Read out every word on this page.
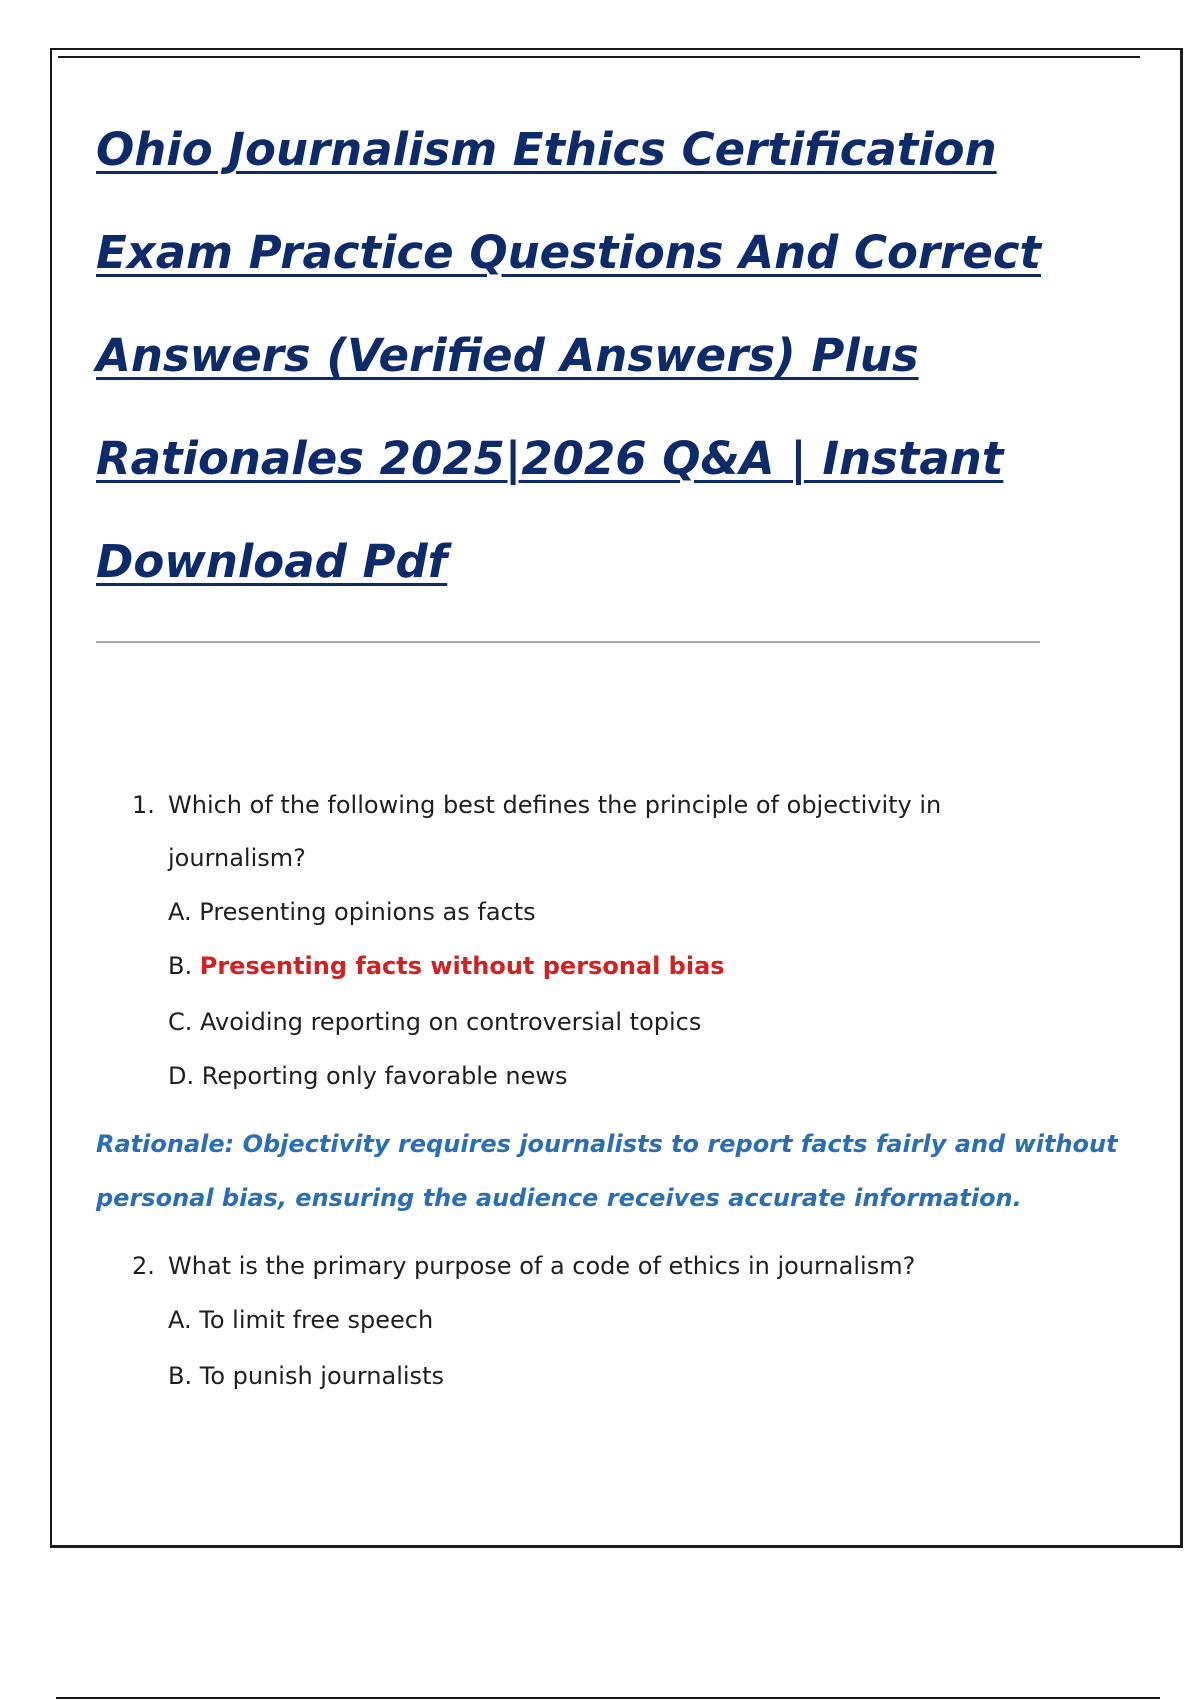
Ohio Journalism Ethics Certification
Exam Practice Questions And Correct
Answers (Verified Answers) Plus
Rationales 2025|2026 Q&A | Instant
Download Pdf
1. Which of the following best defines the principle of objectivity in
journalism?
A. Presenting opinions as facts
B. Presenting facts without personal bias
C. Avoiding reporting on controversial topics
D. Reporting only favorable news
Rationale: Objectivity requires journalists to report facts fairly and without
personal bias, ensuring the audience receives accurate information.
2. What is the primary purpose of a code of ethics in journalism?
A. To limit free speech
B. To punish journalists
